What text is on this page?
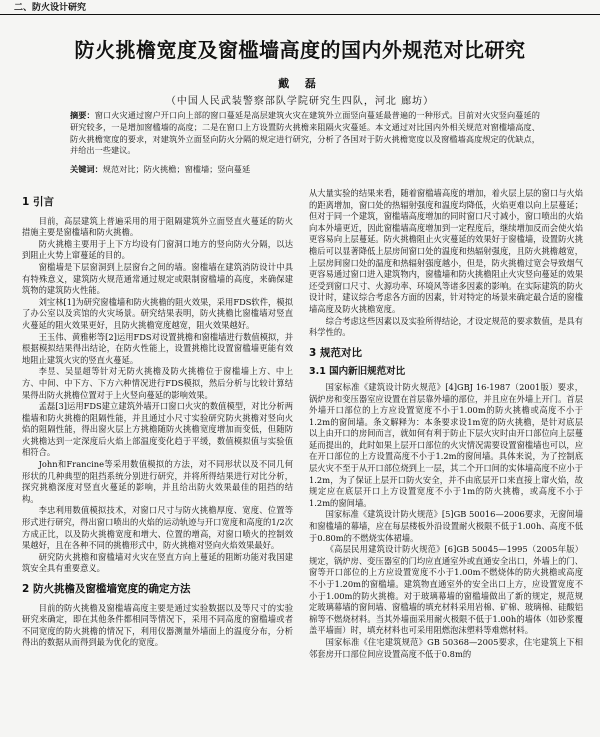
二、防火设计研究
防火挑檐宽度及窗槛墙高度的国内外规范对比研究
戴 磊
（中国人民武装警察部队学院研究生四队，河北 廊坊）
摘要：窗口火灾通过窗户开口向上部的窗口蔓延是高层建筑火灾在建筑外立面竖向蔓延最普遍的一种形式。目前对火灾竖向蔓延的研究较多，一是增加窗槛墙的高度；二是在窗口上方设置防火挑檐来阻隔火灾蔓延。本文通过对比国内外相关规范对窗槛墙高度、防火挑檐宽度的要求，对建筑外立面竖向防火分隔的规定进行研究，分析了各国对于防火挑檐宽度以及窗槛墙高度规定的优缺点，并给出一些建议。
关键词：规范对比；防火挑檐；窗槛墙；竖向蔓延

1 引言

目前，高层建筑上普遍采用的用于阻隔建筑外立面竖直火蔓延的防火措施主要是窗槛墙和防火挑檐。

防火挑檐主要用于上下方均设有门窗洞口地方的竖向防火分隔，以达到阻止火势上窜蔓延的目的。

窗槛墙是下层窗洞到上层窗台之间的墙。窗槛墙在建筑消防设计中具有特殊意义，建筑防火规范通常通过规定或限制窗槛墙的高度，来确保建筑物的建筑防火性能。

刘宝林[1]为研究窗槛墙和防火挑檐的阻火效果，采用FDS软件，模拟了办公室以及宾馆的火灾场景。研究结果表明，防火挑檐比窗槛墙对竖直火蔓延的阻火效果更好，且防火挑檐宽度越宽，阻火效果越好。

王玉伟、黄雅彬等[2]运用FDS对设置挑檐和窗槛墙进行数值模拟，并根据模拟结果得出结论，在防火性能上，设置挑檐比设置窗槛墙更能有效地阻止建筑火灾的竖直火蔓延。

李昱、吴显超等针对无防火挑檐及防火挑檐位于窗槛墙上方、中上方、中间、中下方、下方六种情况进行FDS模拟，然后分析与比较计算结果得出防火挑檐位置对于上火竖向蔓延的影响效果。

孟磊[3]运用FDS建立建筑外墙开口窗口火灾的数值模型，对比分析两槛墙和防火挑檐的阻隔性能，并且通过小尺寸实验研究防火挑檐对竖向火焰的阻隔性能，得出窗火层上方挑檐随防火挑檐宽度增加而变低，但随防火挑檐达到一定深度后火焰上部温度变化趋于平缓，数值模拟值与实验值相符合。

John和Francine等采用数值模拟的方法，对不同形状以及不同几何形状的几种典型的阻挡系统分别进行研究，并将所得结果进行对比分析，探究挑檐深度对竖直火蔓延的影响，并且给出防火效果最佳的阻挡的结构。

李忠利用数值模拟技术，对窗口尺寸与防火挑檐厚度、宽度、位置等形式进行研究，得出窗口喷出的火焰的运动轨迹与开口宽度和高度的1/2次方成正比，以及防火挑檐宽度和增大、位置的增高，对窗口喷火的控制效果越好，且在各种不同的挑檐形式中，防火挑檐对竖向火焰效果最好。

研究防火挑檐和窗槛墙对火灾在竖直方向上蔓延的阻断功能对我国建筑安全具有重要意义。

2 防火挑檐及窗槛墙宽度的确定方法

目前的防火挑檐及窗槛墙高度主要是通过实验数据以及等尺寸的实验研究来确定，即在其他条件都相同等情况下，采用不同高度的窗槛墙或者不同宽度的防火挑檐的情况下，利用仪器测量外墙面上的温度分布，分析得出的数据从而得到最为优化的宽度。

从大量实验的结果来看，随着窗槛墙高度的增加，着火层上层的窗口与火焰的距离增加，窗口处的热辐射强度和温度均降低，火焰更难以向上层蔓延；但对于同一个建筑，窗槛墙高度增加的同时窗口尺寸减小，窗口喷出的火焰向本外墙更近，因此窗槛墙高度增加到一定程度后，继续增加反而会使火焰更容易向上层蔓延。防火挑檐阻止火灾蔓延的效果好于窗槛墙，设置防火挑檐后可以显著降低上层房间窗口处的温度和热辐射强度，且防火挑檐越宽，上层房间窗口处的温度和热辐射强度越小，但是，防火挑檐过宽会导致烟气更容易通过窗口进入建筑物内，窗槛墙和防火挑檐阻止火灾竖向蔓延的效果还受到窗口尺寸、火源功率、环境风等诸多因素的影响。在实际建筑的防火设计时，建议综合考虑各方面的因素，针对特定的场景来确定最合适的窗槛墙高度及防火挑檐宽度。

综合考虑这些因素以及实验所得结论，才设定规范的要求数值，是具有科学性的。

3 规范对比

3.1 国内新旧规范对比

国家标准《建筑设计防火规范》[4]GBJ 16-1987（2001版）要求，锅炉房和变压器室应设置在首层靠外墙的部位，并且应在外墙上开门。首层外墙开口部位的上方应设置宽度不小于1.00m的防火挑檐或高度不小于1.2m的窗间墙。条文解释为：本条要求设1m宽的防火挑檐，是针对底层以上由开口的房间而言，就如何有利于防止下层火灾时由开口部位向上层蔓延而提出的，此时如果上层开口部位的火灾情况需要设置窗槛墙也可以，应在开口部位的上方设置高度不小于1.2m的窗间墙。具体来说，为了控制底层火灾不至于从开口部位烧到上一层，其二个开口间的实体墙高度不应小于1.2m，为了保证上层开口防火安全，并不由底层开口来直接上窜火焰，故规定应在底层开口上方设置宽度不小于1m的防火挑檐，或高度不小于1.2m的窗间墙。

国家标准《建筑设计防火规范》[5]GB 50016—2006要求，无窗间墙和窗槛墙的幕墙，应在每层楼板外沿设置耐火极限不低于1.00h、高度不低于0.80m的不燃烧实体裙墙。

《高层民用建筑设计防火规范》[6]GB 50045—1995（2005年版）规定，锅炉房、变压器室的门均应直通室外或直通安全出口，外墙上的门、窗等开口部位的上方应设置宽度不小于1.00m不燃烧体的防火挑檐或高度不小于1.20m的窗槛墙。建筑物直通室外的安全出口上方，应设置宽度不小于1.00m的防火挑檐。对于玻璃幕墙的窗槛墙做出了新的规定，规范规定玻璃幕墙的窗间墙、窗槛墙的填充材料采用岩棉、矿棉、玻璃棉、硅酸铝棉等不燃烧材料。当其外墙面采用耐火极限不低于1.00h的墙体（如砂浆覆盖平墙面）时，填充材料也可采用阻燃泡沫塑料等难燃材料。

国家标准《住宅建筑规范》GB 50368—2005要求，住宅建筑上下相邻套房开口部位间应设置高度不低于0.8m的
